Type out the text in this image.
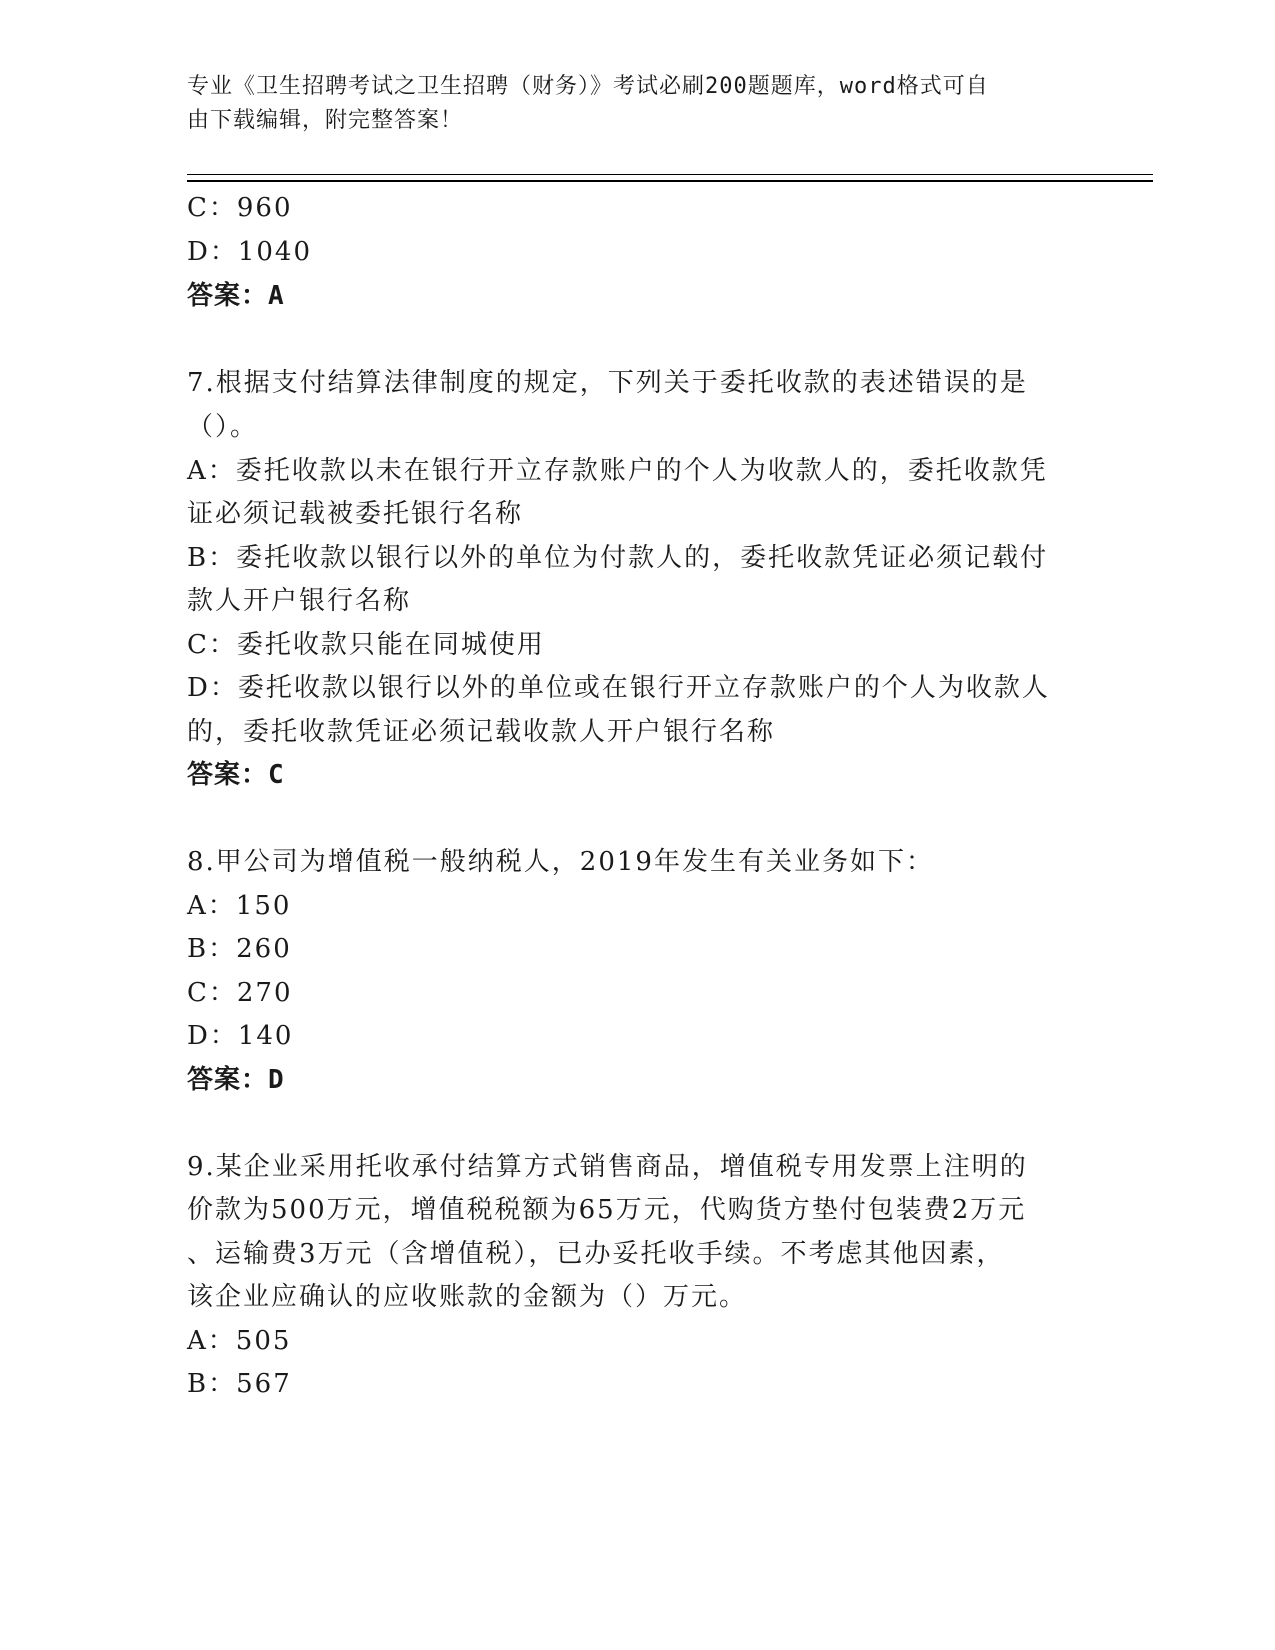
专业《卫生招聘考试之卫生招聘（财务）》考试必刷200题题库，word格式可自
由下载编辑，附完整答案！
C：960
D：1040
答案：A
7.根据支付结算法律制度的规定，下列关于委托收款的表述错误的是
（）。
A：委托收款以未在银行开立存款账户的个人为收款人的，委托收款凭
证必须记载被委托银行名称
B：委托收款以银行以外的单位为付款人的，委托收款凭证必须记载付
款人开户银行名称
C：委托收款只能在同城使用
D：委托收款以银行以外的单位或在银行开立存款账户的个人为收款人
的，委托收款凭证必须记载收款人开户银行名称
答案：C
8.甲公司为增值税一般纳税人，2019年发生有关业务如下：
A：150
B：260
C：270
D：140
答案：D
9.某企业采用托收承付结算方式销售商品，增值税专用发票上注明的
价款为500万元，增值税税额为65万元，代购货方垫付包装费2万元
、运输费3万元（含增值税），已办妥托收手续。不考虑其他因素，
该企业应确认的应收账款的金额为（）万元。
A：505
B：567
